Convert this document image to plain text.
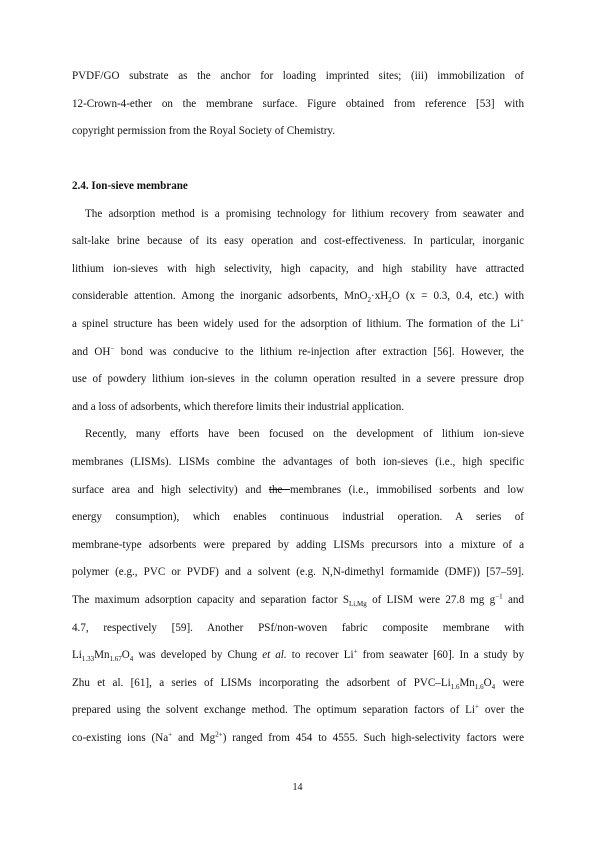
PVDF/GO substrate as the anchor for loading imprinted sites; (iii) immobilization of
12-Crown-4-ether on the membrane surface. Figure obtained from reference [53] with
copyright permission from the Royal Society of Chemistry.
2.4. Ion-sieve membrane
The adsorption method is a promising technology for lithium recovery from seawater and
salt-lake brine because of its easy operation and cost-effectiveness. In particular, inorganic
lithium ion-sieves with high selectivity, high capacity, and high stability have attracted
considerable attention. Among the inorganic adsorbents, $MnO_2\cdot xH_2O$ (x = 0.3, 0.4, etc.) with
a spinel structure has been widely used for the adsorption of lithium. The formation of the Li+
and OH− bond was conducive to the lithium re-injection after extraction [56]. However, the
use of powdery lithium ion-sieves in the column operation resulted in a severe pressure drop
and a loss of adsorbents, which therefore limits their industrial application.
Recently, many efforts have been focused on the development of lithium ion-sieve
membranes (LISMs). LISMs combine the advantages of both ion-sieves (i.e., high specific
surface area and high selectivity) and the membranes (i.e., immobilised sorbents and low
energy consumption), which enables continuous industrial operation. A series of
membrane-type adsorbents were prepared by adding LISMs precursors into a mixture of a
polymer (e.g., PVC or PVDF) and a solvent (e.g. N,N-dimethyl formamide (DMF)) [57–59].
The maximum adsorption capacity and separation factor $S_{Li,Mg}$ of LISM were 27.8 mg $g^{-1}$ and
4.7, respectively [59]. Another PSf/non-woven fabric composite membrane with
$Li_{1.33}Mn_{1.67}O_4$ was developed by Chung et al. to recover Li+ from seawater [60]. In a study by
Zhu et al. [61], a series of LISMs incorporating the adsorbent of PVC–$Li_{1.6}Mn_{1.6}O_4$ were
prepared using the solvent exchange method. The optimum separation factors of Li+ over the
co-existing ions (Na+ and $Mg^{2+}$) ranged from 454 to 4555. Such high-selectivity factors were
14
